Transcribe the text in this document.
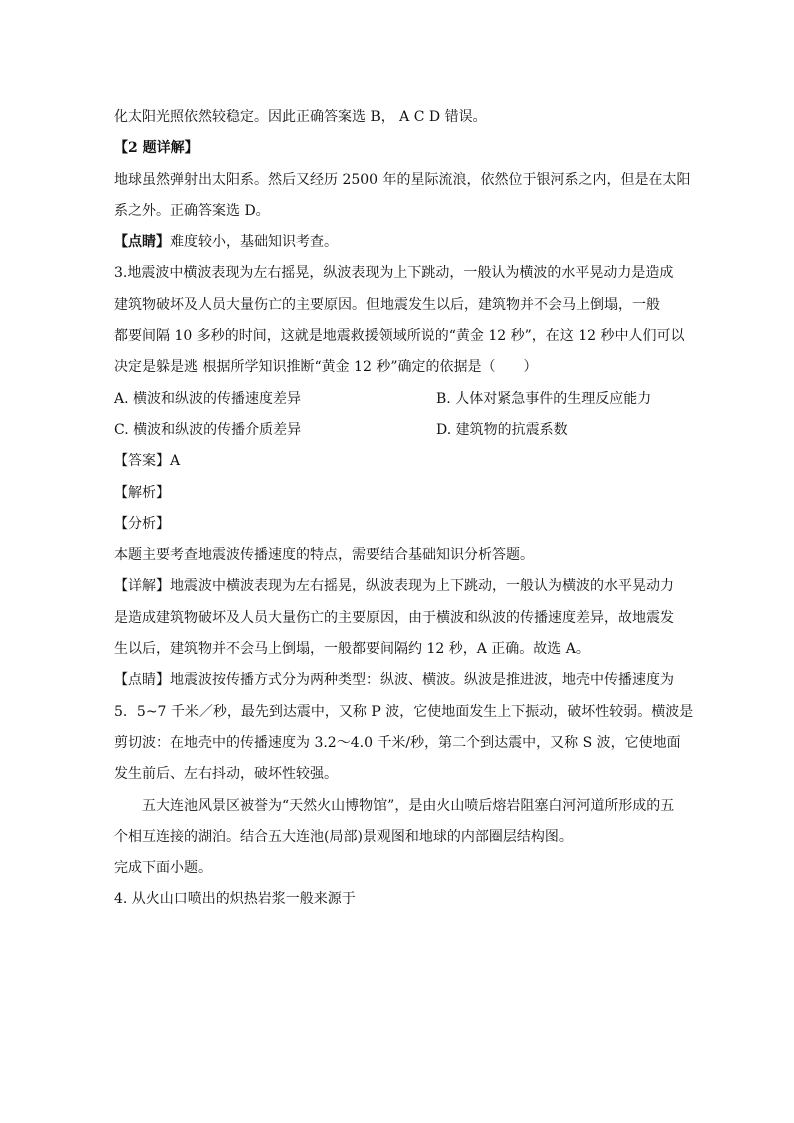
化太阳光照依然较稳定。因此正确答案选 B， A C D 错误。
【2 题详解】
地球虽然弹射出太阳系。然后又经历 2500 年的星际流浪，依然位于银河系之内，但是在太阳
系之外。正确答案选 D。
【点睛】难度较小，基础知识考查。
3.地震波中横波表现为左右摇晃，纵波表现为上下跳动，一般认为横波的水平晃动力是造成
建筑物破坏及人员大量伤亡的主要原因。但地震发生以后，建筑物并不会马上倒塌，一般
都要间隔 10 多秒的时间，这就是地震救援领域所说的“黄金 12 秒”，在这 12 秒中人们可以
决定是躲是逃 根据所学知识推断“黄金 12 秒”确定的依据是（　　）
A. 横波和纵波的传播速度差异	B. 人体对紧急事件的生理反应能力
C. 横波和纵波的传播介质差异	D. 建筑物的抗震系数
【答案】A
【解析】
【分析】
本题主要考查地震波传播速度的特点，需要结合基础知识分析答题。
【详解】地震波中横波表现为左右摇晃，纵波表现为上下跳动，一般认为横波的水平晃动力
是造成建筑物破坏及人员大量伤亡的主要原因，由于横波和纵波的传播速度差异，故地震发
生以后，建筑物并不会马上倒塌，一般都要间隔约 12 秒，A 正确。故选 A。
【点睛】地震波按传播方式分为两种类型：纵波、横波。纵波是推进波，地壳中传播速度为
5．5~7 千米／秒，最先到达震中，又称 P 波，它使地面发生上下振动，破坏性较弱。横波是
剪切波：在地壳中的传播速度为 3.2～4.0 千米/秒，第二个到达震中，又称 S 波，它使地面
发生前后、左右抖动，破坏性较强。
五大连池风景区被誉为“天然火山博物馆”，是由火山喷后熔岩阻塞白河河道所形成的五
个相互连接的湖泊。结合五大连池(局部)景观图和地球的内部圈层结构图。
完成下面小题。
4. 从火山口喷出的炽热岩浆一般来源于
